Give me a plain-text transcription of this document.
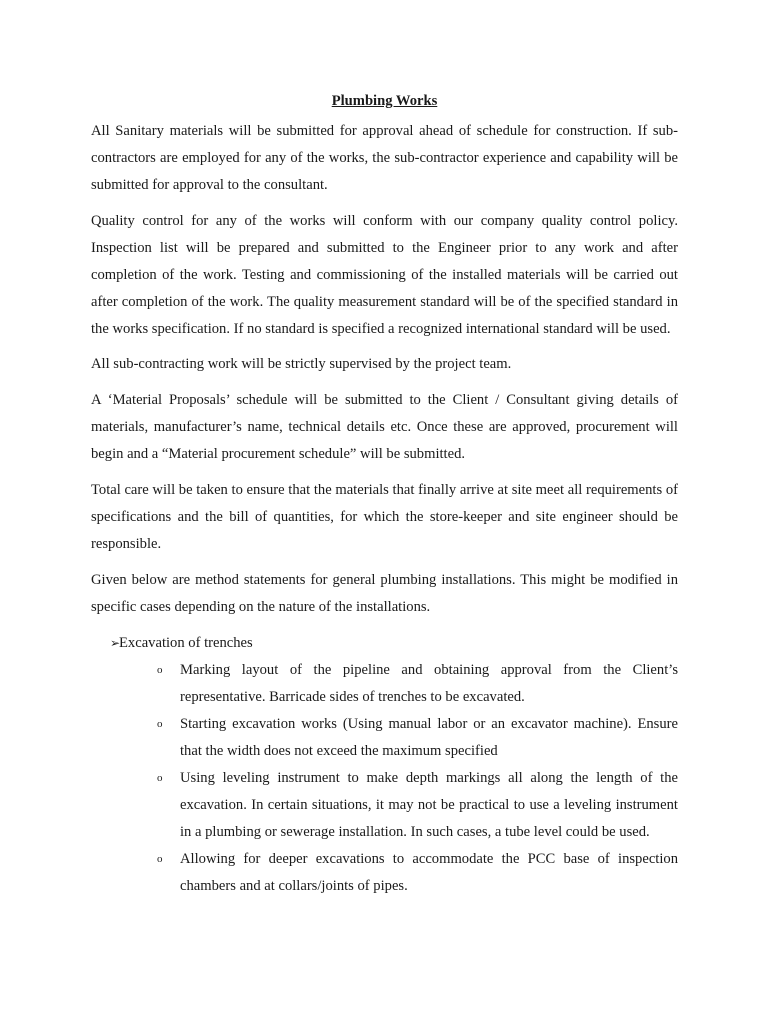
Plumbing Works

All Sanitary materials will be submitted for approval ahead of schedule for construction. If sub-contractors are employed for any of the works, the sub-contractor experience and capability will be submitted for approval to the consultant.

Quality control for any of the works will conform with our company quality control policy. Inspection list will be prepared and submitted to the Engineer prior to any work and after completion of the work. Testing and commissioning of the installed materials will be carried out after completion of the work. The quality measurement standard will be of the specified standard in the works specification. If no standard is specified a recognized international standard will be used.

All sub-contracting work will be strictly supervised by the project team.

A ‘Material Proposals’ schedule will be submitted to the Client / Consultant giving details of materials, manufacturer’s name, technical details etc. Once these are approved, procurement will begin and a “Material procurement schedule” will be submitted.

Total care will be taken to ensure that the materials that finally arrive at site meet all requirements of specifications and the bill of quantities, for which the store-keeper and site engineer should be responsible.

Given below are method statements for general plumbing installations. This might be modified in specific cases depending on the nature of the installations.

➢
Excavation of trenches
o Marking layout of the pipeline and obtaining approval from the Client’s representative. Barricade sides of trenches to be excavated.
o Starting excavation works (Using manual labor or an excavator machine). Ensure that the width does not exceed the maximum specified
o Using leveling instrument to make depth markings all along the length of the excavation. In certain situations, it may not be practical to use a leveling instrument in a plumbing or sewerage installation. In such cases, a tube level could be used.
o Allowing for deeper excavations to accommodate the PCC base of inspection chambers and at collars/joints of pipes.
